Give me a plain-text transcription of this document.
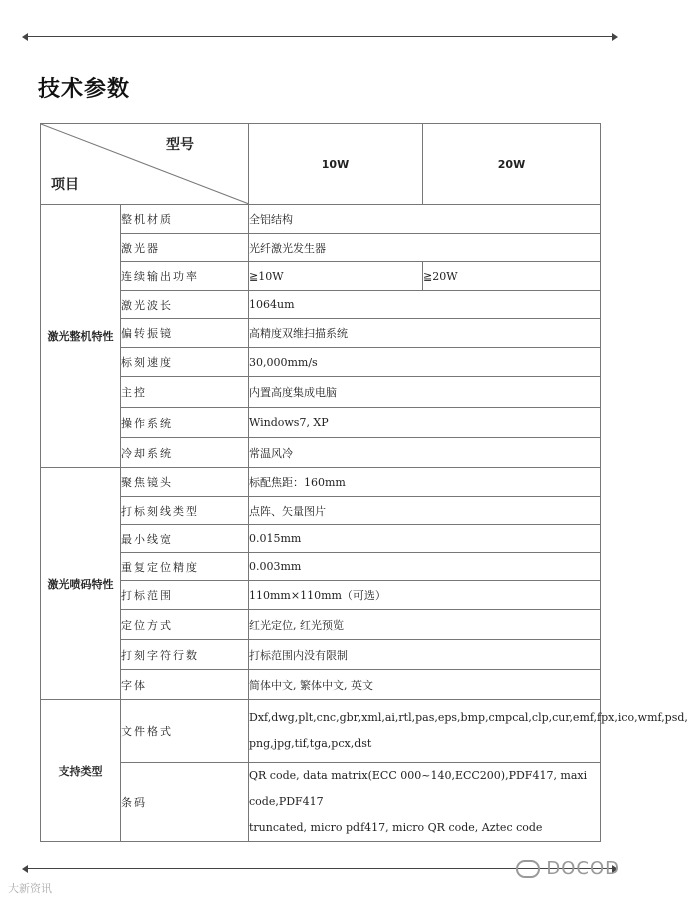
技术参数
型号
项目		10W	20W
激光整机特性	整机材质	全铝结构	
	激光器	光纤激光发生器	
	连续输出功率	≧10W	≧20W
	激光波长	1064um	
	偏转振镜	高精度双维扫描系统	
	标刻速度	30,000mm/s	
	主控	内置高度集成电脑	
	操作系统	Windows7, XP	
	冷却系统	常温风冷	
激光喷码特性	聚焦镜头	标配焦距：160mm	
	打标刻线类型	点阵、矢量图片	
	最小线宽	0.015mm	
	重复定位精度	0.003mm	
	打标范围	110mm×110mm（可选）	
	定位方式	红光定位, 红光预览	
	打刻字符行数	打标范围内没有限制	
	字体	简体中文, 繁体中文, 英文	
支持类型	文件格式	Dxf,dwg,plt,cnc,gbr,xml,ai,rtl,pas,eps,bmp,cmpcal,clp,cur,emf,fpx,ico,wmf,psd,
png,jpg,tif,tga,pcx,dst	

	条码	QR code, data matrix(ECC 000~140,ECC200),PDF417, maxi code,PDF417
truncated, micro pdf417, micro QR code, Aztec code	
DOCOD
大新资讯
